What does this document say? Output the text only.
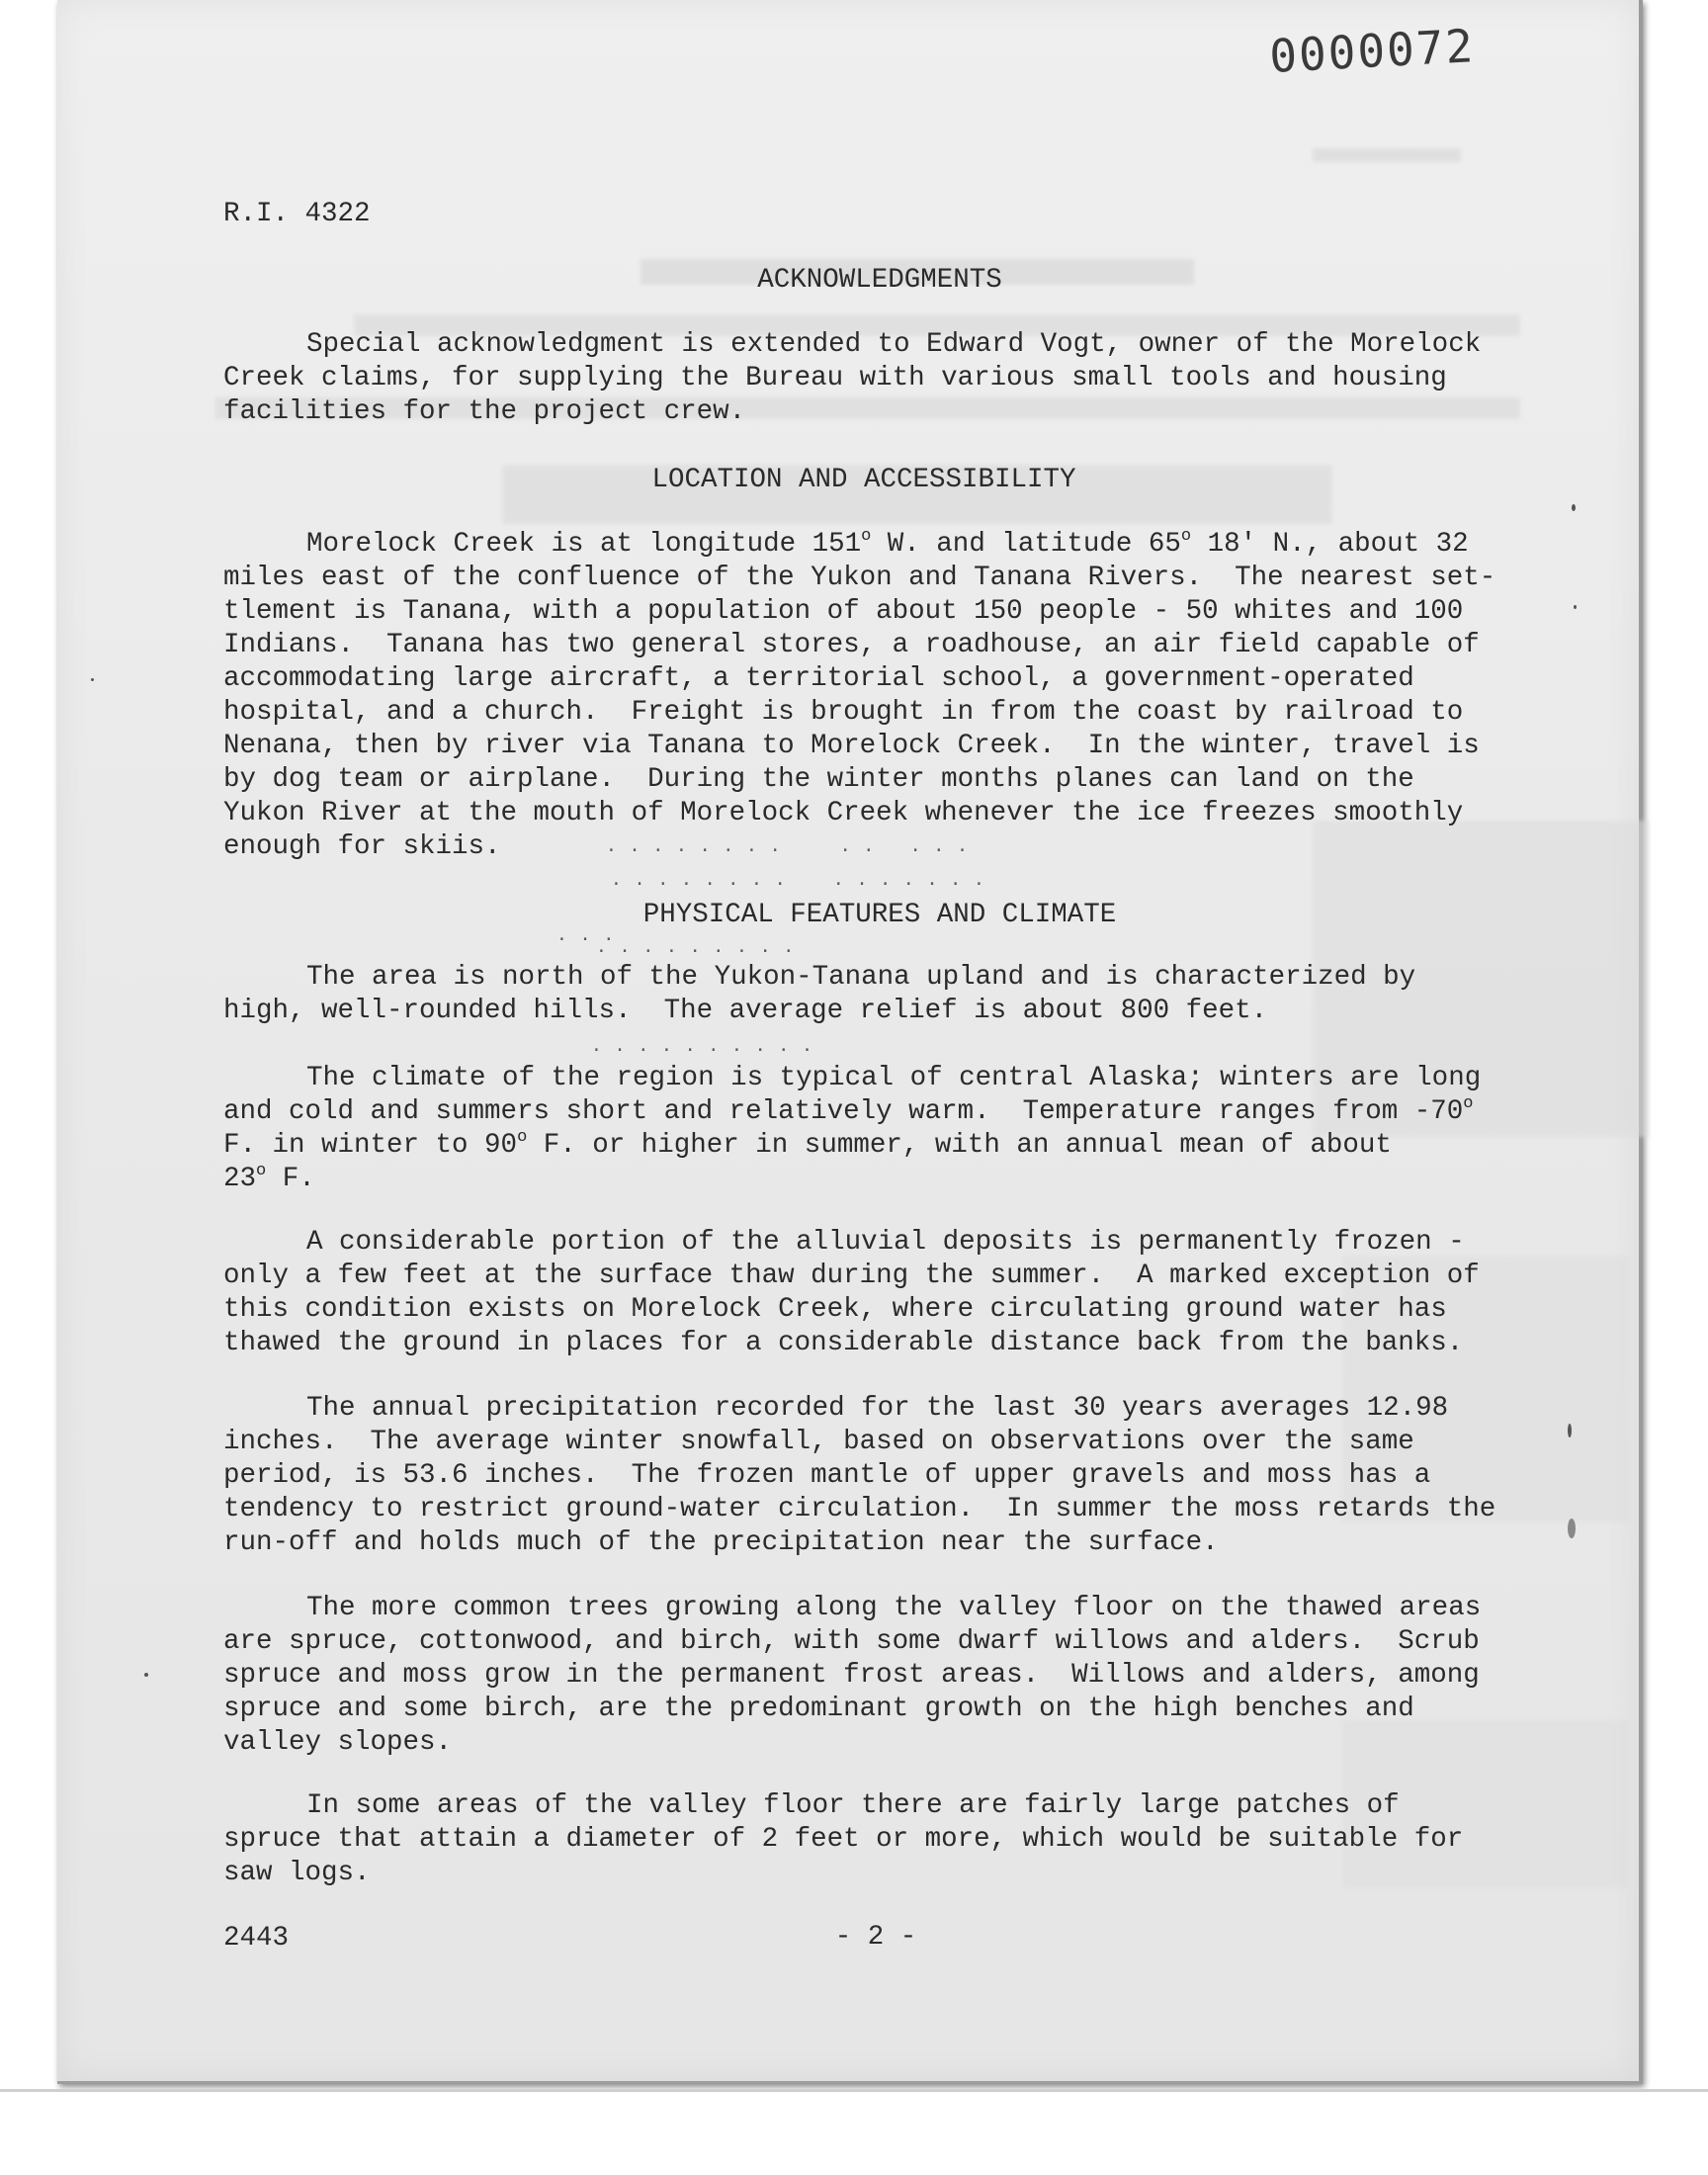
0000072
R.I. 4322
ACKNOWLEDGMENTS
Special acknowledgment is extended to Edward Vogt, owner of the Morelock
Creek claims, for supplying the Bureau with various small tools and housing
facilities for the project crew.
LOCATION AND ACCESSIBILITY
Morelock Creek is at longitude 151$^o$ W. and latitude 65$^o$ 18' N., about 32
miles east of the confluence of the Yukon and Tanana Rivers.  The nearest set-
tlement is Tanana, with a population of about 150 people - 50 whites and 100
Indians.  Tanana has two general stores, a roadhouse, an air field capable of
accommodating large aircraft, a territorial school, a government-operated
hospital, and a church.  Freight is brought in from the coast by railroad to
Nenana, then by river via Tanana to Morelock Creek.  In the winter, travel is
by dog team or airplane.  During the winter months planes can land on the
Yukon River at the mouth of Morelock Creek whenever the ice freezes smoothly
enough for skiis.	· · · · · · · ·     · ·   · · ·
· · · · · · · ·    · · · · · · ·
· · ·
· · · · · · · · ·
· · · · · · · · · ·
PHYSICAL FEATURES AND CLIMATE
The area is north of the Yukon-Tanana upland and is characterized by
high, well-rounded hills.  The average relief is about 800 feet.
The climate of the region is typical of central Alaska; winters are long
and cold and summers short and relatively warm.  Temperature ranges from -70$^o$
F. in winter to 90$^o$ F. or higher in summer, with an annual mean of about
23$^o$ F.
A considerable portion of the alluvial deposits is permanently frozen -
only a few feet at the surface thaw during the summer.  A marked exception of
this condition exists on Morelock Creek, where circulating ground water has
thawed the ground in places for a considerable distance back from the banks.
The annual precipitation recorded for the last 30 years averages 12.98
inches.  The average winter snowfall, based on observations over the same
period, is 53.6 inches.  The frozen mantle of upper gravels and moss has a
tendency to restrict ground-water circulation.  In summer the moss retards the
run-off and holds much of the precipitation near the surface.
The more common trees growing along the valley floor on the thawed areas
are spruce, cottonwood, and birch, with some dwarf willows and alders.  Scrub
spruce and moss grow in the permanent frost areas.  Willows and alders, among
spruce and some birch, are the predominant growth on the high benches and
valley slopes.
In some areas of the valley floor there are fairly large patches of
spruce that attain a diameter of 2 feet or more, which would be suitable for
saw logs.
2443	- 2 -
